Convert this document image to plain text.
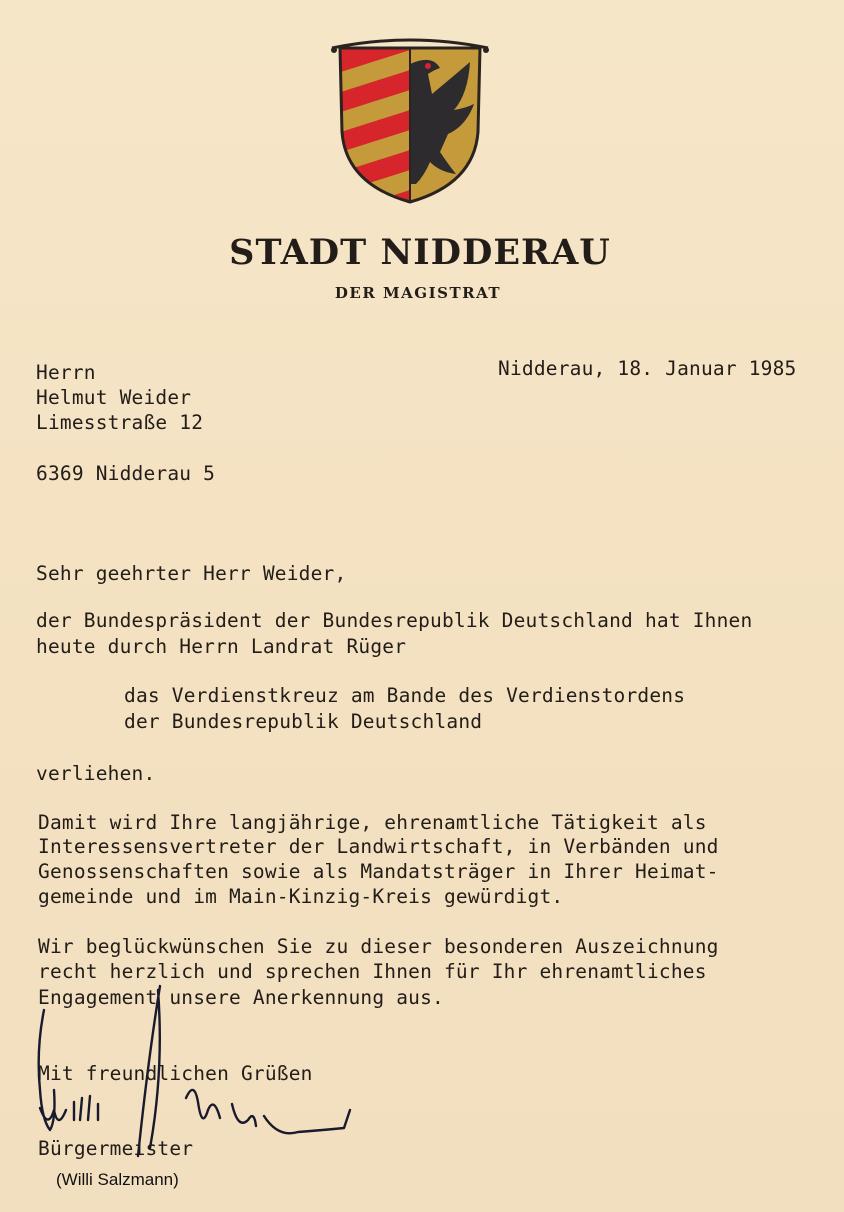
STADT NIDDERAU

DER MAGISTRAT

Herrn

Helmut Weider

Limesstraße 12

6369 Nidderau 5

Nidderau, 18. Januar 1985

Sehr geehrter Herr Weider,

der Bundespräsident der Bundesrepublik Deutschland hat Ihnen

heute durch Herrn Landrat Rüger

das Verdienstkreuz am Bande des Verdienstordens

der Bundesrepublik Deutschland

verliehen.

Damit wird Ihre langjährige, ehrenamtliche Tätigkeit als

Interessensvertreter der Landwirtschaft, in Verbänden und

Genossenschaften sowie als Mandatsträger in Ihrer Heimat-

gemeinde und im Main-Kinzig-Kreis gewürdigt.

Wir beglückwünschen Sie zu dieser besonderen Auszeichnung

recht herzlich und sprechen Ihnen für Ihr ehrenamtliches

Engagement unsere Anerkennung aus.

Mit freundlichen Grüßen

Bürgermeister

(Willi Salzmann)
